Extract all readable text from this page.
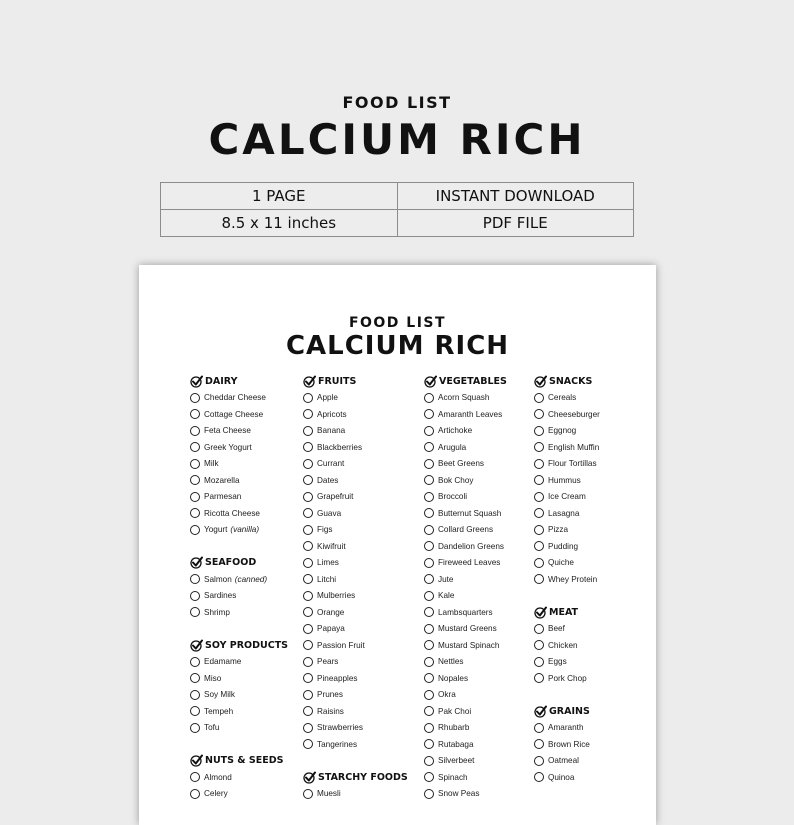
FOOD LIST
CALCIUM RICH
1 PAGE	INSTANT DOWNLOAD
8.5 x 11 inches	PDF FILE
FOOD LIST
CALCIUM RICH
DAIRY
Cheddar Cheese
Cottage Cheese
Feta Cheese
Greek Yogurt
Milk
Mozarella
Parmesan
Ricotta Cheese
Yogurt (vanilla)
SEAFOOD
Salmon (canned)
Sardines
Shrimp
SOY PRODUCTS
Edamame
Miso
Soy Milk
Tempeh
Tofu
NUTS & SEEDS
Almond
Celery
FRUITS
Apple
Apricots
Banana
Blackberries
Currant
Dates
Grapefruit
Guava
Figs
Kiwifruit
Limes
Litchi
Mulberries
Orange
Papaya
Passion Fruit
Pears
Pineapples
Prunes
Raisins
Strawberries
Tangerines
STARCHY FOODS
Muesli
VEGETABLES
Acorn Squash
Amaranth Leaves
Artichoke
Arugula
Beet Greens
Bok Choy
Broccoli
Butternut Squash
Collard Greens
Dandelion Greens
Fireweed Leaves
Jute
Kale
Lambsquarters
Mustard Greens
Mustard Spinach
Nettles
Nopales
Okra
Pak Choi
Rhubarb
Rutabaga
Silverbeet
Spinach
Snow Peas
SNACKS
Cereals
Cheeseburger
Eggnog
English Muffin
Flour Tortillas
Hummus
Ice Cream
Lasagna
Pizza
Pudding
Quiche
Whey Protein
MEAT
Beef
Chicken
Eggs
Pork Chop
GRAINS
Amaranth
Brown Rice
Oatmeal
Quinoa
